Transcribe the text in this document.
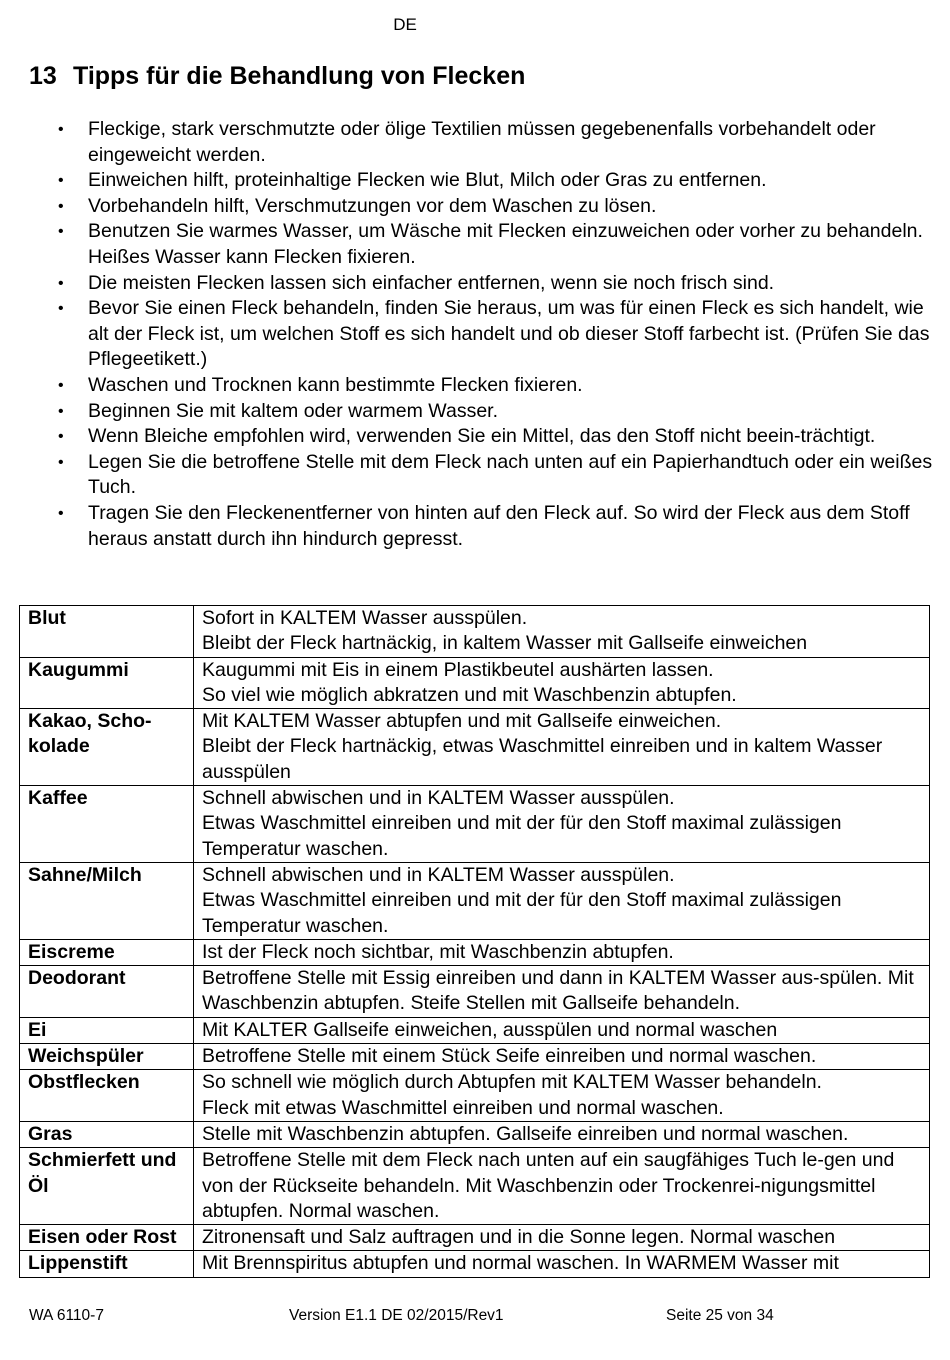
DE
13 Tipps für die Behandlung von Flecken
• Fleckige, stark verschmutzte oder ölige Textilien müssen gegebenenfalls vorbehandelt oder eingeweicht werden.
• Einweichen hilft, proteinhaltige Flecken wie Blut, Milch oder Gras zu entfernen.
• Vorbehandeln hilft, Verschmutzungen vor dem Waschen zu lösen.
• Benutzen Sie warmes Wasser, um Wäsche mit Flecken einzuweichen oder vorher zu behandeln. Heißes Wasser kann Flecken fixieren.
• Die meisten Flecken lassen sich einfacher entfernen, wenn sie noch frisch sind.
• Bevor Sie einen Fleck behandeln, finden Sie heraus, um was für einen Fleck es sich handelt, wie alt der Fleck ist, um welchen Stoff es sich handelt und ob dieser Stoff farbecht ist. (Prüfen Sie das Pflegeetikett.)
• Waschen und Trocknen kann bestimmte Flecken fixieren.
• Beginnen Sie mit kaltem oder warmem Wasser.
• Wenn Bleiche empfohlen wird, verwenden Sie ein Mittel, das den Stoff nicht beein-trächtigt.
• Legen Sie die betroffene Stelle mit dem Fleck nach unten auf ein Papierhandtuch oder ein weißes Tuch.
• Tragen Sie den Fleckenentferner von hinten auf den Fleck auf. So wird der Fleck aus dem Stoff heraus anstatt durch ihn hindurch gepresst.
Blut	Sofort in KALTEM Wasser ausspülen.
Bleibt der Fleck hartnäckig, in kaltem Wasser mit Gallseife einweichen
Kaugummi	Kaugummi mit Eis in einem Plastikbeutel aushärten lassen.
So viel wie möglich abkratzen und mit Waschbenzin abtupfen.
Kakao, Scho-kolade	Mit KALTEM Wasser abtupfen und mit Gallseife einweichen.
Bleibt der Fleck hartnäckig, etwas Waschmittel einreiben und in kaltem Wasser ausspülen
Kaffee	Schnell abwischen und in KALTEM Wasser ausspülen.
Etwas Waschmittel einreiben und mit der für den Stoff maximal zulässigen Temperatur waschen.
Sahne/Milch	Schnell abwischen und in KALTEM Wasser ausspülen.
Etwas Waschmittel einreiben und mit der für den Stoff maximal zulässigen Temperatur waschen.
Eiscreme	Ist der Fleck noch sichtbar, mit Waschbenzin abtupfen.
Deodorant	Betroffene Stelle mit Essig einreiben und dann in KALTEM Wasser aus-spülen. Mit Waschbenzin abtupfen. Steife Stellen mit Gallseife behandeln.
Ei	Mit KALTER Gallseife einweichen, ausspülen und normal waschen
Weichspüler	Betroffene Stelle mit einem Stück Seife einreiben und normal waschen.
Obstflecken	So schnell wie möglich durch Abtupfen mit KALTEM Wasser behandeln.
Fleck mit etwas Waschmittel einreiben und normal waschen.
Gras	Stelle mit Waschbenzin abtupfen. Gallseife einreiben und normal waschen.
Schmierfett und Öl	Betroffene Stelle mit dem Fleck nach unten auf ein saugfähiges Tuch le-gen und von der Rückseite behandeln. Mit Waschbenzin oder Trockenrei-nigungsmittel abtupfen. Normal waschen.
Eisen oder Rost	Zitronensaft und Salz auftragen und in die Sonne legen. Normal waschen
Lippenstift	Mit Brennspiritus abtupfen und normal waschen. In WARMEM Wasser mit
WA 6110-7	Version E1.1 DE 02/2015/Rev1	Seite 25 von 34
